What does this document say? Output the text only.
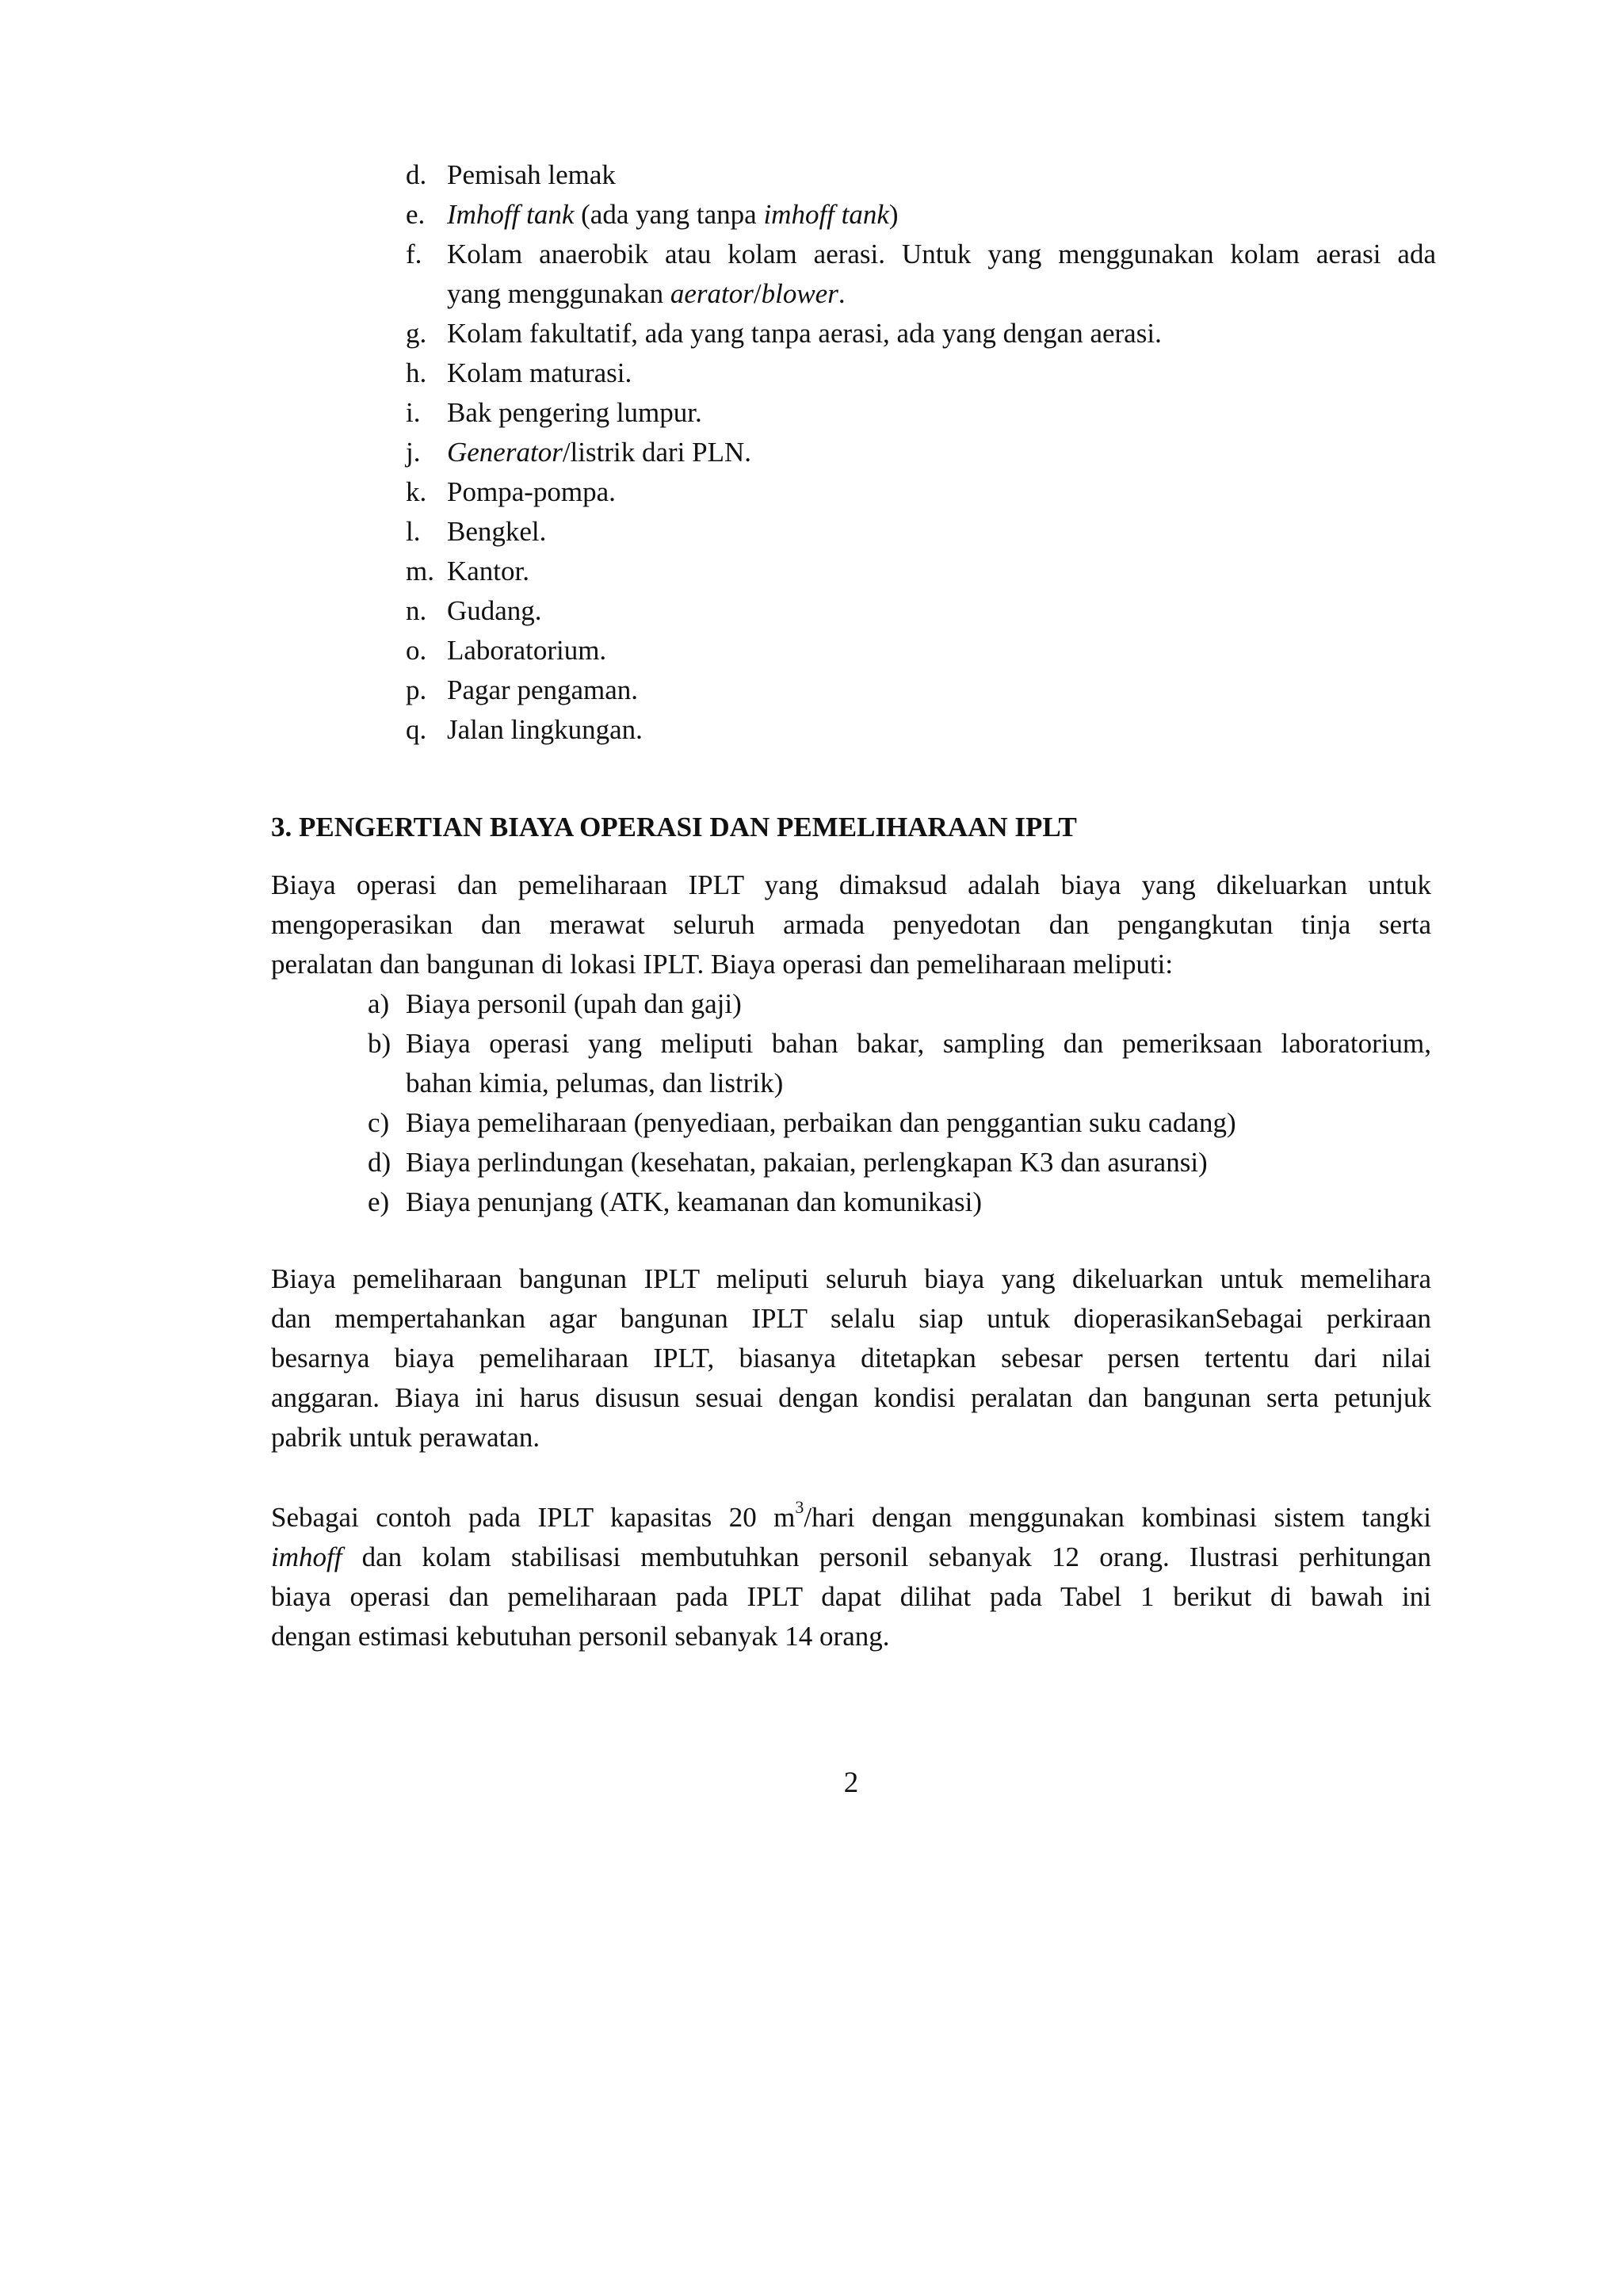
d. Pemisah lemak
e. Imhoff tank (ada yang tanpa imhoff tank)
f. Kolam anaerobik atau kolam aerasi. Untuk yang menggunakan kolam aerasi ada
yang menggunakan aerator/blower.
g. Kolam fakultatif, ada yang tanpa aerasi, ada yang dengan aerasi.
h. Kolam maturasi.
i. Bak pengering lumpur.
j. Generator/listrik dari PLN.
k. Pompa-pompa.
l. Bengkel.
m. Kantor.
n. Gudang.
o. Laboratorium.
p. Pagar pengaman.
q. Jalan lingkungan.
3. PENGERTIAN BIAYA OPERASI DAN PEMELIHARAAN IPLT
Biaya operasi dan pemeliharaan IPLT yang dimaksud adalah biaya yang dikeluarkan untuk
mengoperasikan dan merawat seluruh armada penyedotan dan pengangkutan tinja serta
peralatan dan bangunan di lokasi IPLT. Biaya operasi dan pemeliharaan meliputi:
a) Biaya personil (upah dan gaji)
b) Biaya operasi yang meliputi bahan bakar, sampling dan pemeriksaan laboratorium,
bahan kimia, pelumas, dan listrik)
c) Biaya pemeliharaan (penyediaan, perbaikan dan penggantian suku cadang)
d) Biaya perlindungan (kesehatan, pakaian, perlengkapan K3 dan asuransi)
e) Biaya penunjang (ATK, keamanan dan komunikasi)
Biaya pemeliharaan bangunan IPLT meliputi seluruh biaya yang dikeluarkan untuk memelihara
dan mempertahankan agar bangunan IPLT selalu siap untuk dioperasikanSebagai perkiraan
besarnya biaya pemeliharaan IPLT, biasanya ditetapkan sebesar persen tertentu dari nilai
anggaran. Biaya ini harus disusun sesuai dengan kondisi peralatan dan bangunan serta petunjuk
pabrik untuk perawatan.
Sebagai contoh pada IPLT kapasitas 20 $m^3$/hari dengan menggunakan kombinasi sistem tangki
imhoff dan kolam stabilisasi membutuhkan personil sebanyak 12 orang. Ilustrasi perhitungan
biaya operasi dan pemeliharaan pada IPLT dapat dilihat pada Tabel 1 berikut di bawah ini
dengan estimasi kebutuhan personil sebanyak 14 orang.
2
